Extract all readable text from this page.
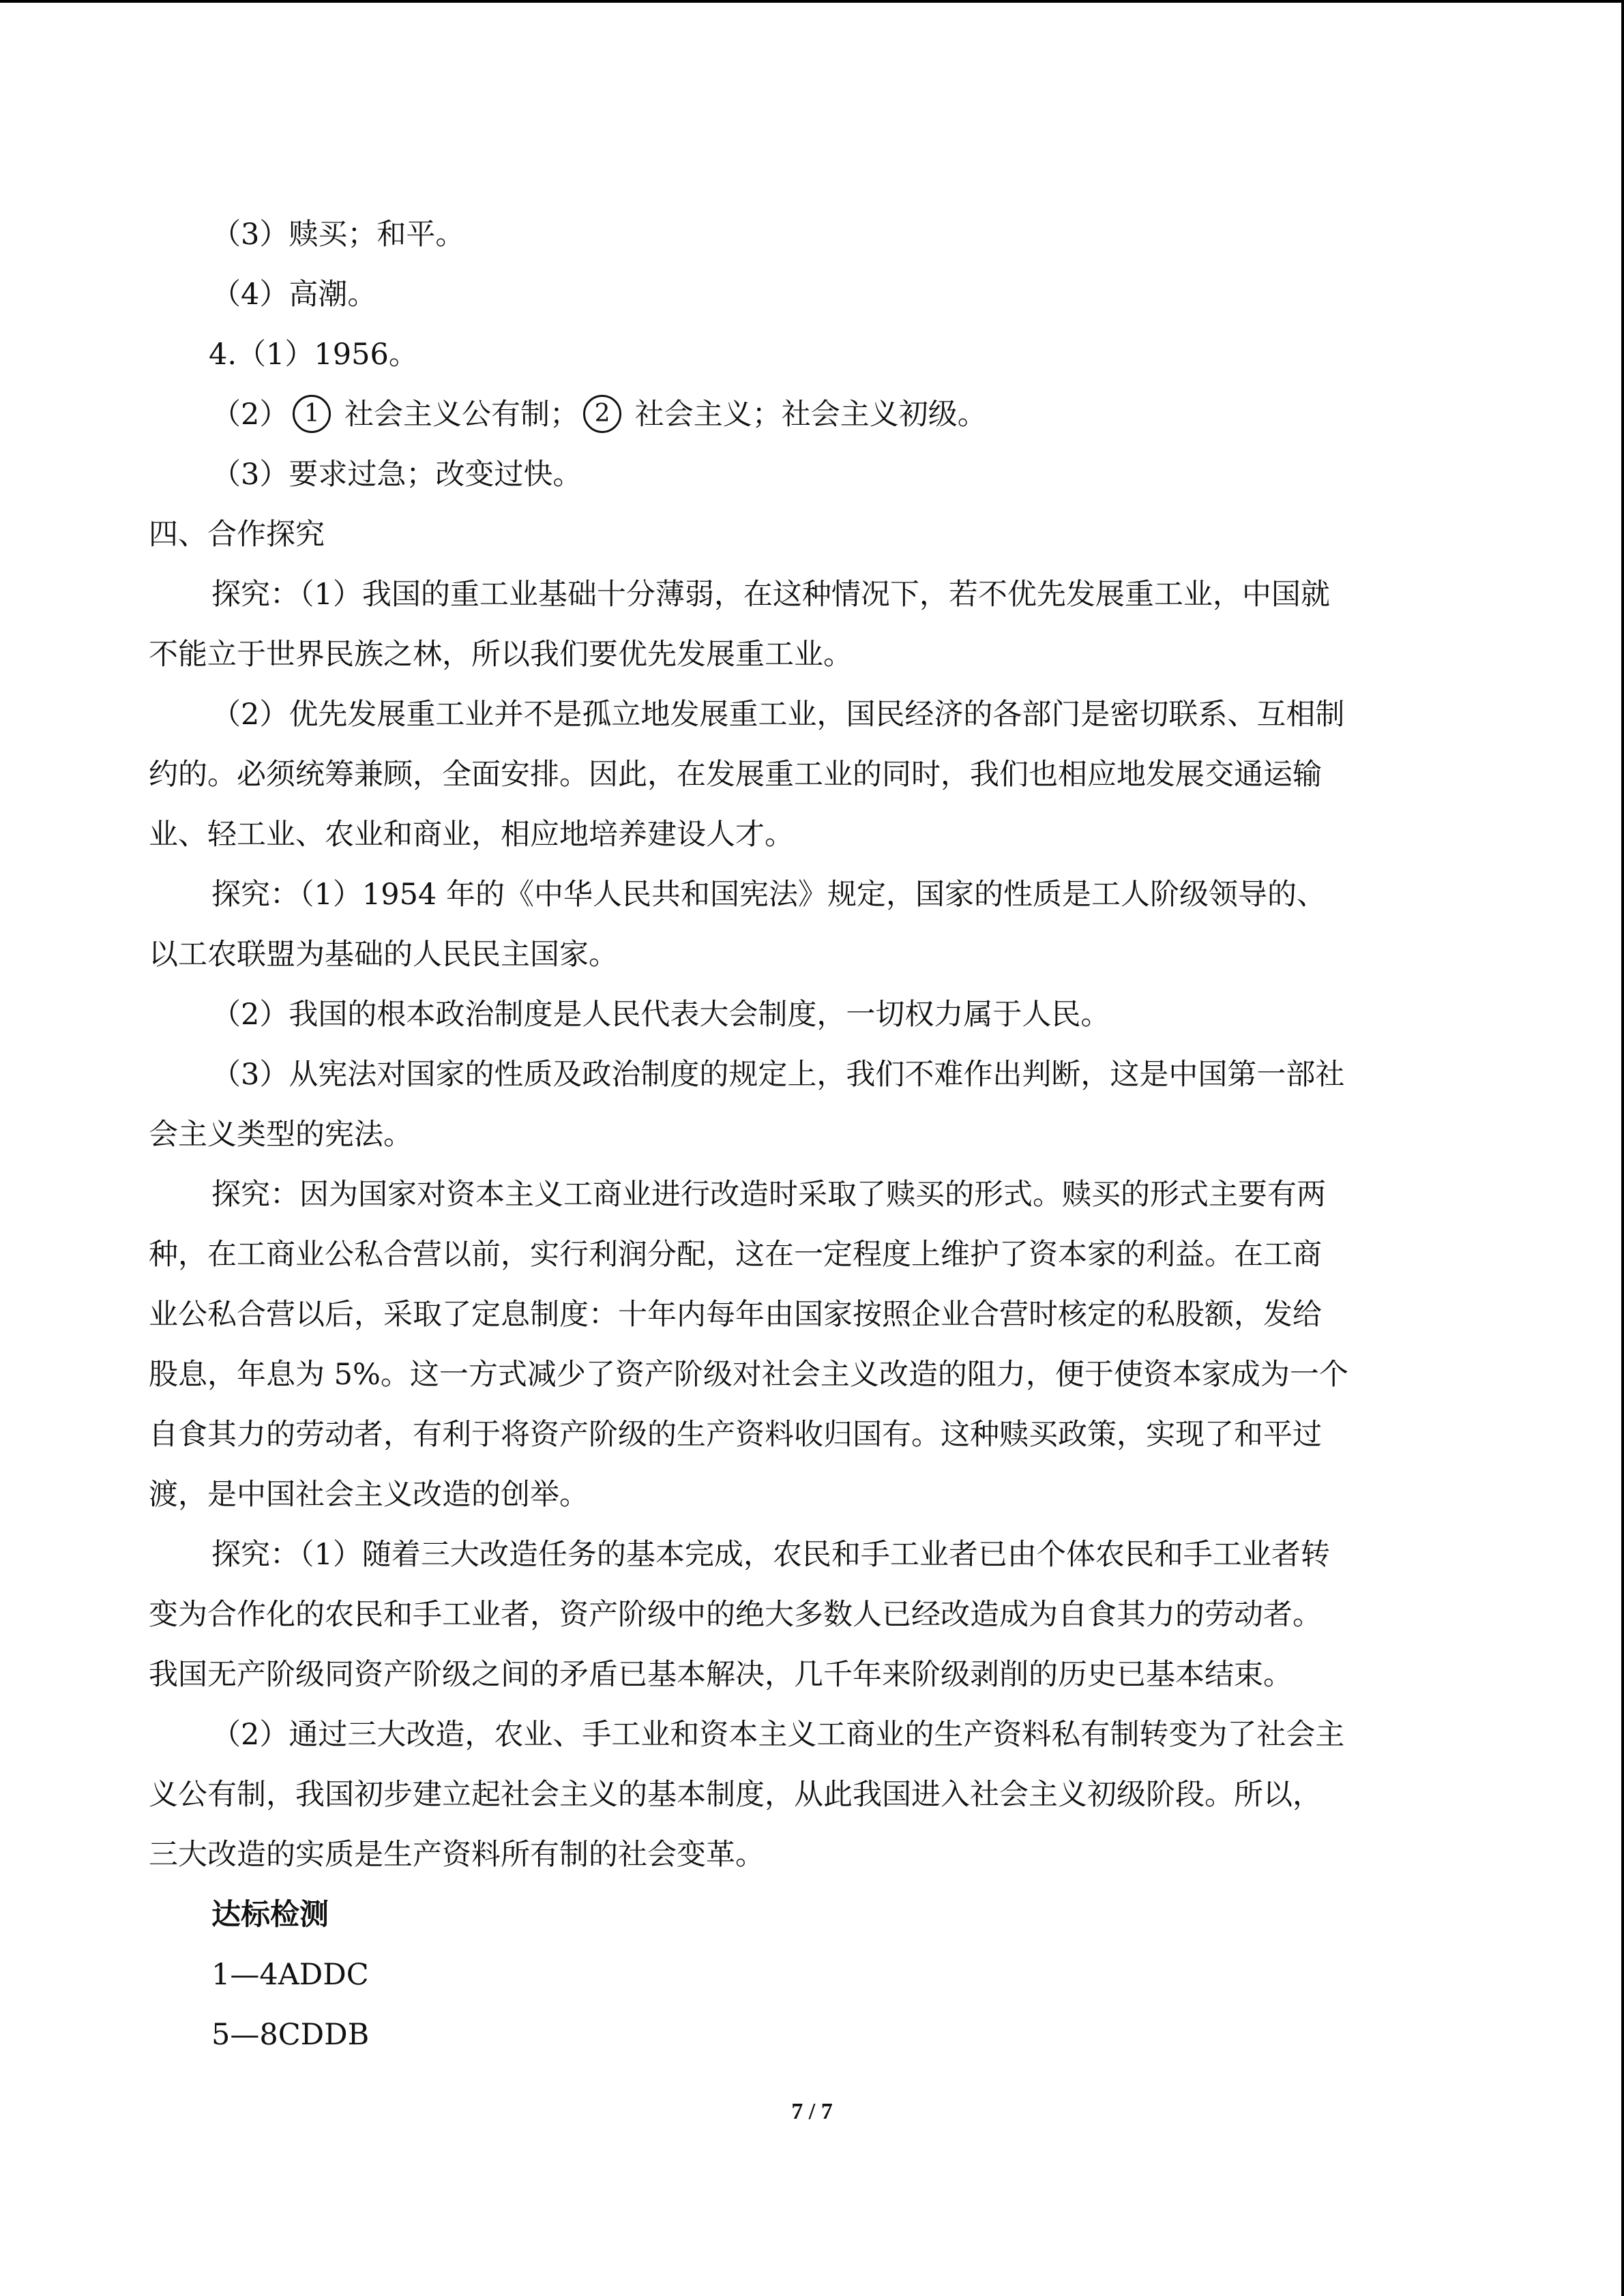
（3）赎买；和平。
（4）高潮。
4.（1）1956。
（2） 1 社会主义公有制； 2 社会主义；社会主义初级。
（3）要求过急；改变过快。
四、合作探究
探究：（1）我国的重工业基础十分薄弱，在这种情况下，若不优先发展重工业，中国就
不能立于世界民族之林，所以我们要优先发展重工业。
（2）优先发展重工业并不是孤立地发展重工业，国民经济的各部门是密切联系、互相制
约的。必须统筹兼顾，全面安排。因此，在发展重工业的同时，我们也相应地发展交通运输
业、轻工业、农业和商业，相应地培养建设人才。
探究：（1）1954 年的《中华人民共和国宪法》规定，国家的性质是工人阶级领导的、
以工农联盟为基础的人民民主国家。
（2）我国的根本政治制度是人民代表大会制度，一切权力属于人民。
（3）从宪法对国家的性质及政治制度的规定上，我们不难作出判断，这是中国第一部社
会主义类型的宪法。
探究：因为国家对资本主义工商业进行改造时采取了赎买的形式。赎买的形式主要有两
种，在工商业公私合营以前，实行利润分配，这在一定程度上维护了资本家的利益。在工商
业公私合营以后，采取了定息制度：十年内每年由国家按照企业合营时核定的私股额，发给
股息，年息为 5%。这一方式减少了资产阶级对社会主义改造的阻力，便于使资本家成为一个
自食其力的劳动者，有利于将资产阶级的生产资料收归国有。这种赎买政策，实现了和平过
渡，是中国社会主义改造的创举。
探究：（1）随着三大改造任务的基本完成，农民和手工业者已由个体农民和手工业者转
变为合作化的农民和手工业者，资产阶级中的绝大多数人已经改造成为自食其力的劳动者。
我国无产阶级同资产阶级之间的矛盾已基本解决，几千年来阶级剥削的历史已基本结束。
（2）通过三大改造，农业、手工业和资本主义工商业的生产资料私有制转变为了社会主
义公有制，我国初步建立起社会主义的基本制度，从此我国进入社会主义初级阶段。所以，
三大改造的实质是生产资料所有制的社会变革。
达标检测
1—4ADDC
5—8CDDB
7 / 7
